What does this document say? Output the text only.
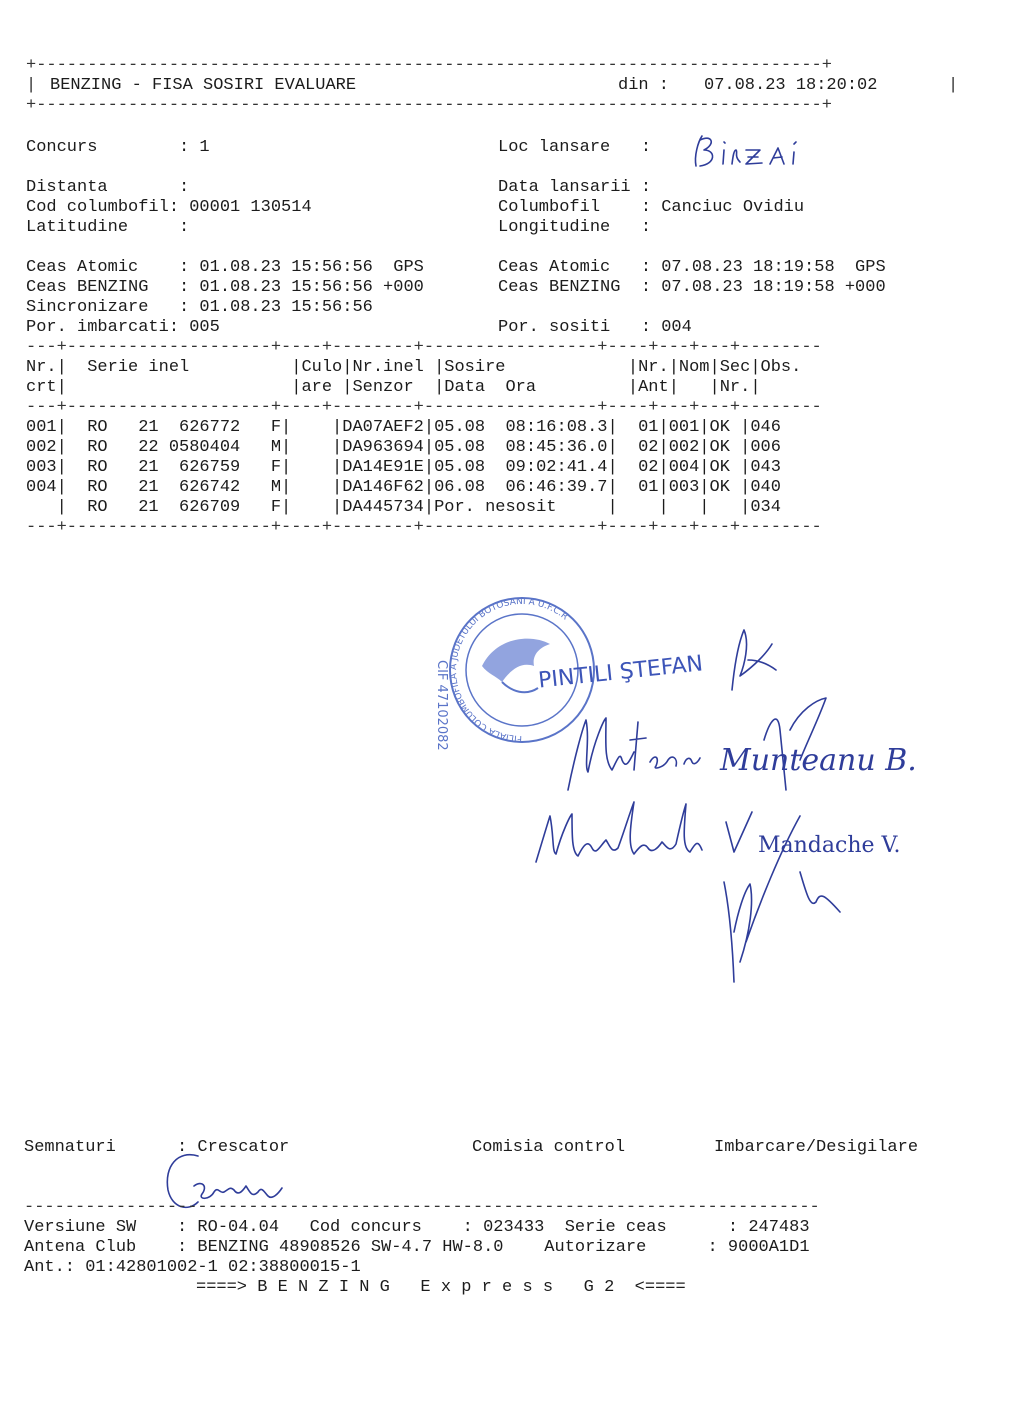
+-----------------------------------------------------------------------------+
|	|
BENZING - FISA SOSIRI EVALUARE	din : 07.08.23 18:20:02
+-----------------------------------------------------------------------------+
Concurs        : 1	Loc lansare   :
Distanta       :
Cod columbofil: 00001 130514
Latitudine     :
Data lansarii :
Columbofil    : Canciuc Ovidiu
Longitudine   :
Ceas Atomic    : 01.08.23 15:56:56  GPS
Ceas BENZING   : 01.08.23 15:56:56 +000
Sincronizare   : 01.08.23 15:56:56
Por. imbarcati: 005
Ceas Atomic   : 07.08.23 18:19:58  GPS
Ceas BENZING  : 07.08.23 18:19:58 +000
Por. sositi   : 004
---+--------------------+----+--------+-----------------+----+---+---+--------
Nr.|  Serie inel          |Culo|Nr.inel |Sosire            |Nr.|Nom|Sec|Obs.
crt|                      |are |Senzor  |Data  Ora         |Ant|   |Nr.|
---+--------------------+----+--------+-----------------+----+---+---+--------
001|  RO   21  626772   F|    |DA07AEF2|05.08  08:16:08.3|  01|001|OK |046
002|  RO   22 0580404   M|    |DA963694|05.08  08:45:36.0|  02|002|OK |006
003|  RO   21  626759   F|    |DA14E91E|05.08  09:02:41.4|  02|004|OK |043
004|  RO   21  626742   M|    |DA146F62|06.08  06:46:39.7|  01|003|OK |040
|  RO   21  626709   F|    |DA445734|Por. nesosit     |    |   |   |034
---+--------------------+----+--------+-----------------+----+---+---+--------
FILIALA COLUMBOFILA A JUDETULUI BOTOSANI A U.F.C.R
CIF 47102082	PINTILI ŞTEFAN
Munteanu B.
Mandache V.
Semnaturi      : Crescator	Comisia control	Imbarcare/Desigilare
------------------------------------------------------------------------------
Versiune SW    : RO-04.04   Cod concurs    : 023433  Serie ceas      : 247483
Antena Club    : BENZING 48908526 SW-4.7 HW-8.0    Autorizare      : 9000A1D1
Ant.: 01:42801002-1 02:38800015-1
====> B E N Z I N G   E x p r e s s   G 2  <====
